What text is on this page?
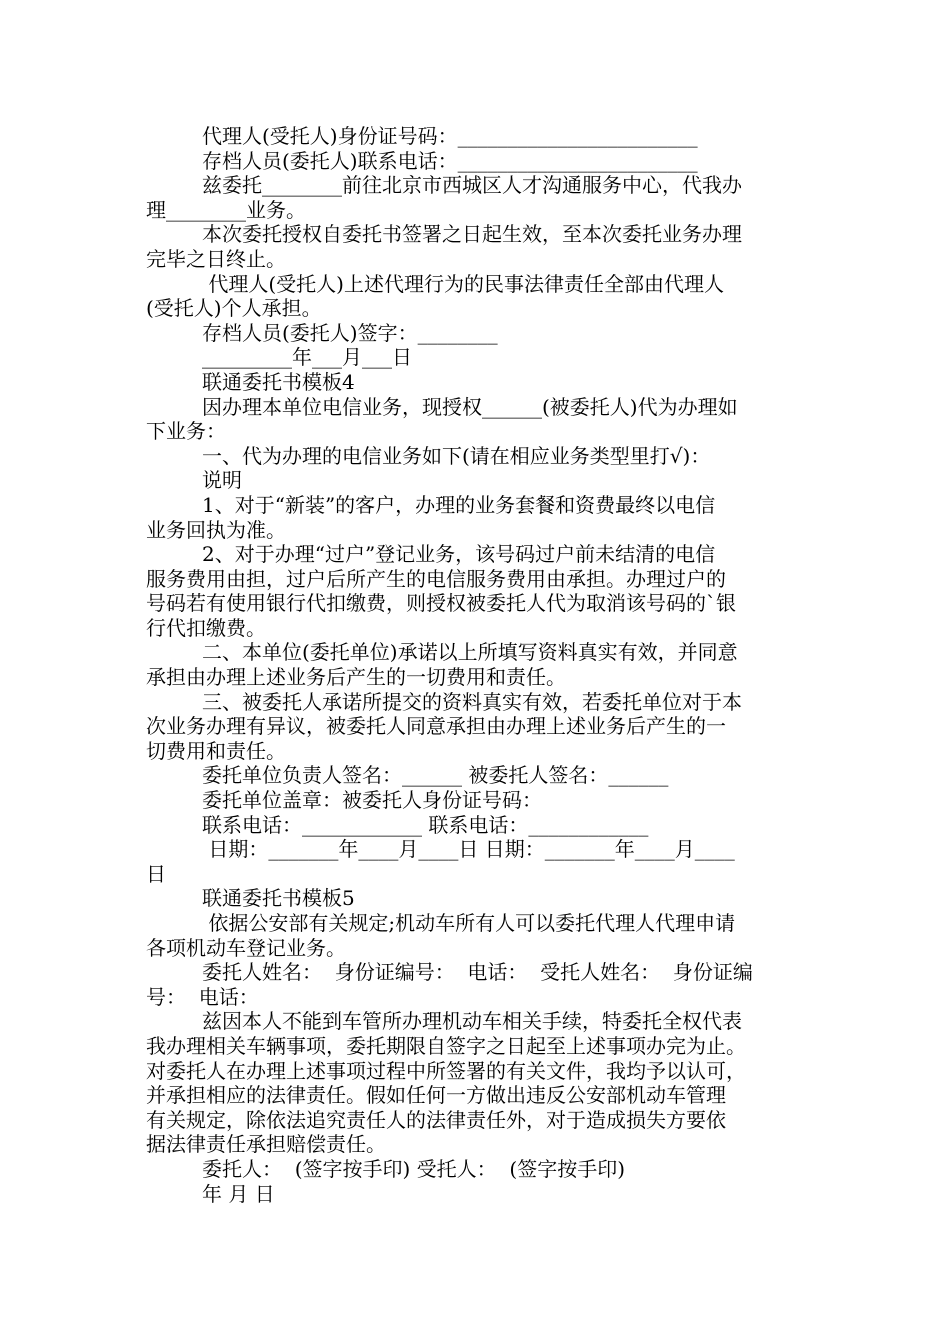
代理人(受托人)身份证号码：________________________
存档人员(委托人)联系电话：________________________
兹委托________前往北京市西城区人才沟通服务中心，代我办
理________业务。
本次委托授权自委托书签署之日起生效，至本次委托业务办理
完毕之日终止。
代理人(受托人)上述代理行为的民事法律责任全部由代理人
(受托人)个人承担。
存档人员(委托人)签字：________
_________年___月___日
联通委托书模板4
因办理本单位电信业务，现授权______(被委托人)代为办理如
下业务：
一、代为办理的电信业务如下(请在相应业务类型里打√)：
说明
1、对于“新装”的客户，办理的业务套餐和资费最终以电信
业务回执为准。
2、对于办理“过户”登记业务，该号码过户前未结清的电信
服务费用由担，过户后所产生的电信服务费用由承担。办理过户的
号码若有使用银行代扣缴费，则授权被委托人代为取消该号码的`银
行代扣缴费。
二、本单位(委托单位)承诺以上所填写资料真实有效，并同意
承担由办理上述业务后产生的一切费用和责任。
三、被委托人承诺所提交的资料真实有效，若委托单位对于本
次业务办理有异议，被委托人同意承担由办理上述业务后产生的一
切费用和责任。
委托单位负责人签名：______ 被委托人签名：______
委托单位盖章：被委托人身份证号码：
联系电话：____________ 联系电话：____________
日期：_______年____月____日 日期：_______年____月____
日
联通委托书模板5
依据公安部有关规定;机动车所有人可以委托代理人代理申请
各项机动车登记业务。
委托人姓名：  身份证编号：  电话：  受托人姓名：  身份证编
号：  电话：
兹因本人不能到车管所办理机动车相关手续，特委托全权代表
我办理相关车辆事项，委托期限自签字之日起至上述事项办完为止。
对委托人在办理上述事项过程中所签署的有关文件，我均予以认可，
并承担相应的法律责任。假如任何一方做出违反公安部机动车管理
有关规定，除依法追究责任人的法律责任外，对于造成损失方要依
据法律责任承担赔偿责任。
委托人：  (签字按手印) 受托人：  (签字按手印)
年 月 日
